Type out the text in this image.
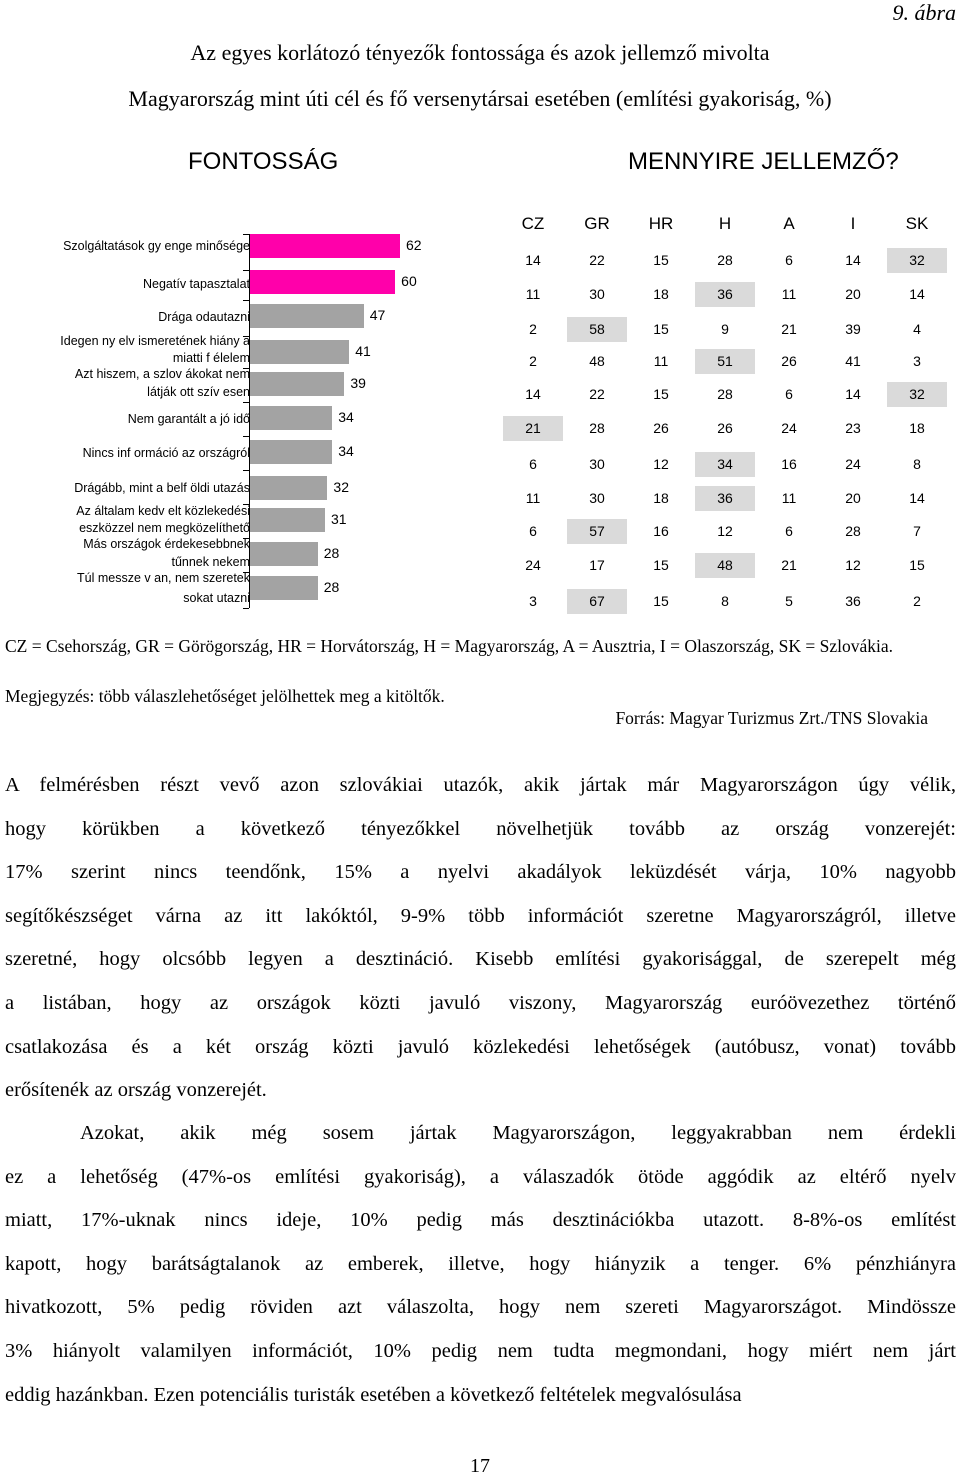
9. ábra
Az egyes korlátozó tényezők fontossága és azok jellemző mivolta
Magyarország mint úti cél és fő versenytársai esetében (említési gyakoriság, %)
FONTOSSÁG	MENNYIRE JELLEMZŐ?
62
Szolgáltatások gy enge minősége
60
Negatív tapasztalat
47
Drága odautazni
41
Idegen ny elv ismeretének hiány a
miatti f élelem
39
Azt hiszem, a szlov ákokat nem
látják ott szív esen
34
Nem garantált a jó idő
34
Nincs inf ormáció az országról
32
Drágább, mint a belf öldi utazás
31
Az általam kedv elt közlekedési
eszközzel nem megközelíthető
28
Más országok érdekesebbnek
tűnnek nekem
28
Túl messze v an, nem szeretek
sokat utazni
CZ	GR	HR	H	A	I	SK
14	22	15	28	6	14	32
11	30	18	36	11	20	14
2	58	15	9	21	39	4
2	48	11	51	26	41	3
14	22	15	28	6	14	32
21	28	26	26	24	23	18
6	30	12	34	16	24	8
11	30	18	36	11	20	14
6	57	16	12	6	28	7
24	17	15	48	21	12	15
3	67	15	8	5	36	2
CZ = Csehország, GR = Görögország, HR = Horvátország, H = Magyarország, A = Ausztria, I = Olaszország, SK = Szlovákia.
Megjegyzés: több válaszlehetőséget jelölhettek meg a kitöltők.
Forrás: Magyar Turizmus Zrt./TNS Slovakia
A felmérésben részt vevő azon szlovákiai utazók, akik jártak már Magyarországon úgy vélik,
hogy körükben a következő tényezőkkel növelhetjük tovább az ország vonzerejét:
17% szerint nincs teendőnk, 15% a nyelvi akadályok leküzdését várja, 10% nagyobb
segítőkészséget várna az itt lakóktól, 9-9% több információt szeretne Magyarországról, illetve
szeretné, hogy olcsóbb legyen a desztináció. Kisebb említési gyakorisággal, de szerepelt még
a listában, hogy az országok közti javuló viszony, Magyarország euróövezethez történő
csatlakozása és a két ország közti javuló közlekedési lehetőségek (autóbusz, vonat) tovább
erősítenék az ország vonzerejét.
Azokat, akik még sosem jártak Magyarországon, leggyakrabban nem érdekli
ez a lehetőség (47%-os említési gyakoriság), a válaszadók ötöde aggódik az eltérő nyelv
miatt, 17%-uknak nincs ideje, 10% pedig más desztinációkba utazott. 8-8%-os említést
kapott, hogy barátságtalanok az emberek, illetve, hogy hiányzik a tenger. 6% pénzhiányra
hivatkozott, 5% pedig röviden azt válaszolta, hogy nem szereti Magyarországot. Mindössze
3% hiányolt valamilyen információt, 10% pedig nem tudta megmondani, hogy miért nem járt
eddig hazánkban. Ezen potenciális turisták esetében a következő feltételek megvalósulása
17
